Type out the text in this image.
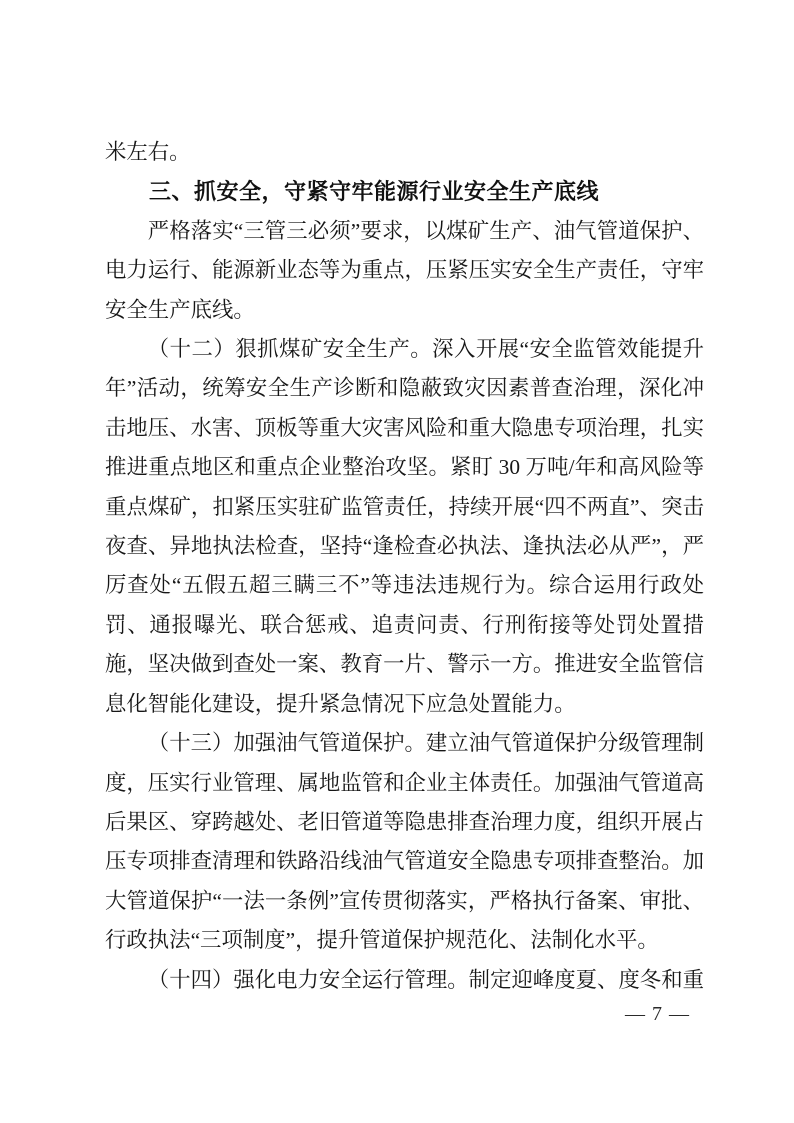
米左右。

三、抓安全，守紧守牢能源行业安全生产底线

严格落实“三管三必须”要求，以煤矿生产、油气管道保护、电力运行、能源新业态等为重点，压紧压实安全生产责任，守牢安全生产底线。

（十二）狠抓煤矿安全生产。深入开展“安全监管效能提升年”活动，统筹安全生产诊断和隐蔽致灾因素普查治理，深化冲击地压、水害、顶板等重大灾害风险和重大隐患专项治理，扎实推进重点地区和重点企业整治攻坚。紧盯 30 万吨/年和高风险等重点煤矿，扣紧压实驻矿监管责任，持续开展“四不两直”、突击夜查、异地执法检查，坚持“逢检查必执法、逢执法必从严”，严厉查处“五假五超三瞒三不”等违法违规行为。综合运用行政处罚、通报曝光、联合惩戒、追责问责、行刑衔接等处罚处置措施，坚决做到查处一案、教育一片、警示一方。推进安全监管信息化智能化建设，提升紧急情况下应急处置能力。

（十三）加强油气管道保护。建立油气管道保护分级管理制度，压实行业管理、属地监管和企业主体责任。加强油气管道高后果区、穿跨越处、老旧管道等隐患排查治理力度，组织开展占压专项排查清理和铁路沿线油气管道安全隐患专项排查整治。加大管道保护“一法一条例”宣传贯彻落实，严格执行备案、审批、行政执法“三项制度”，提升管道保护规范化、法制化水平。

（十四）强化电力安全运行管理。制定迎峰度夏、度冬和重

— 7 —
